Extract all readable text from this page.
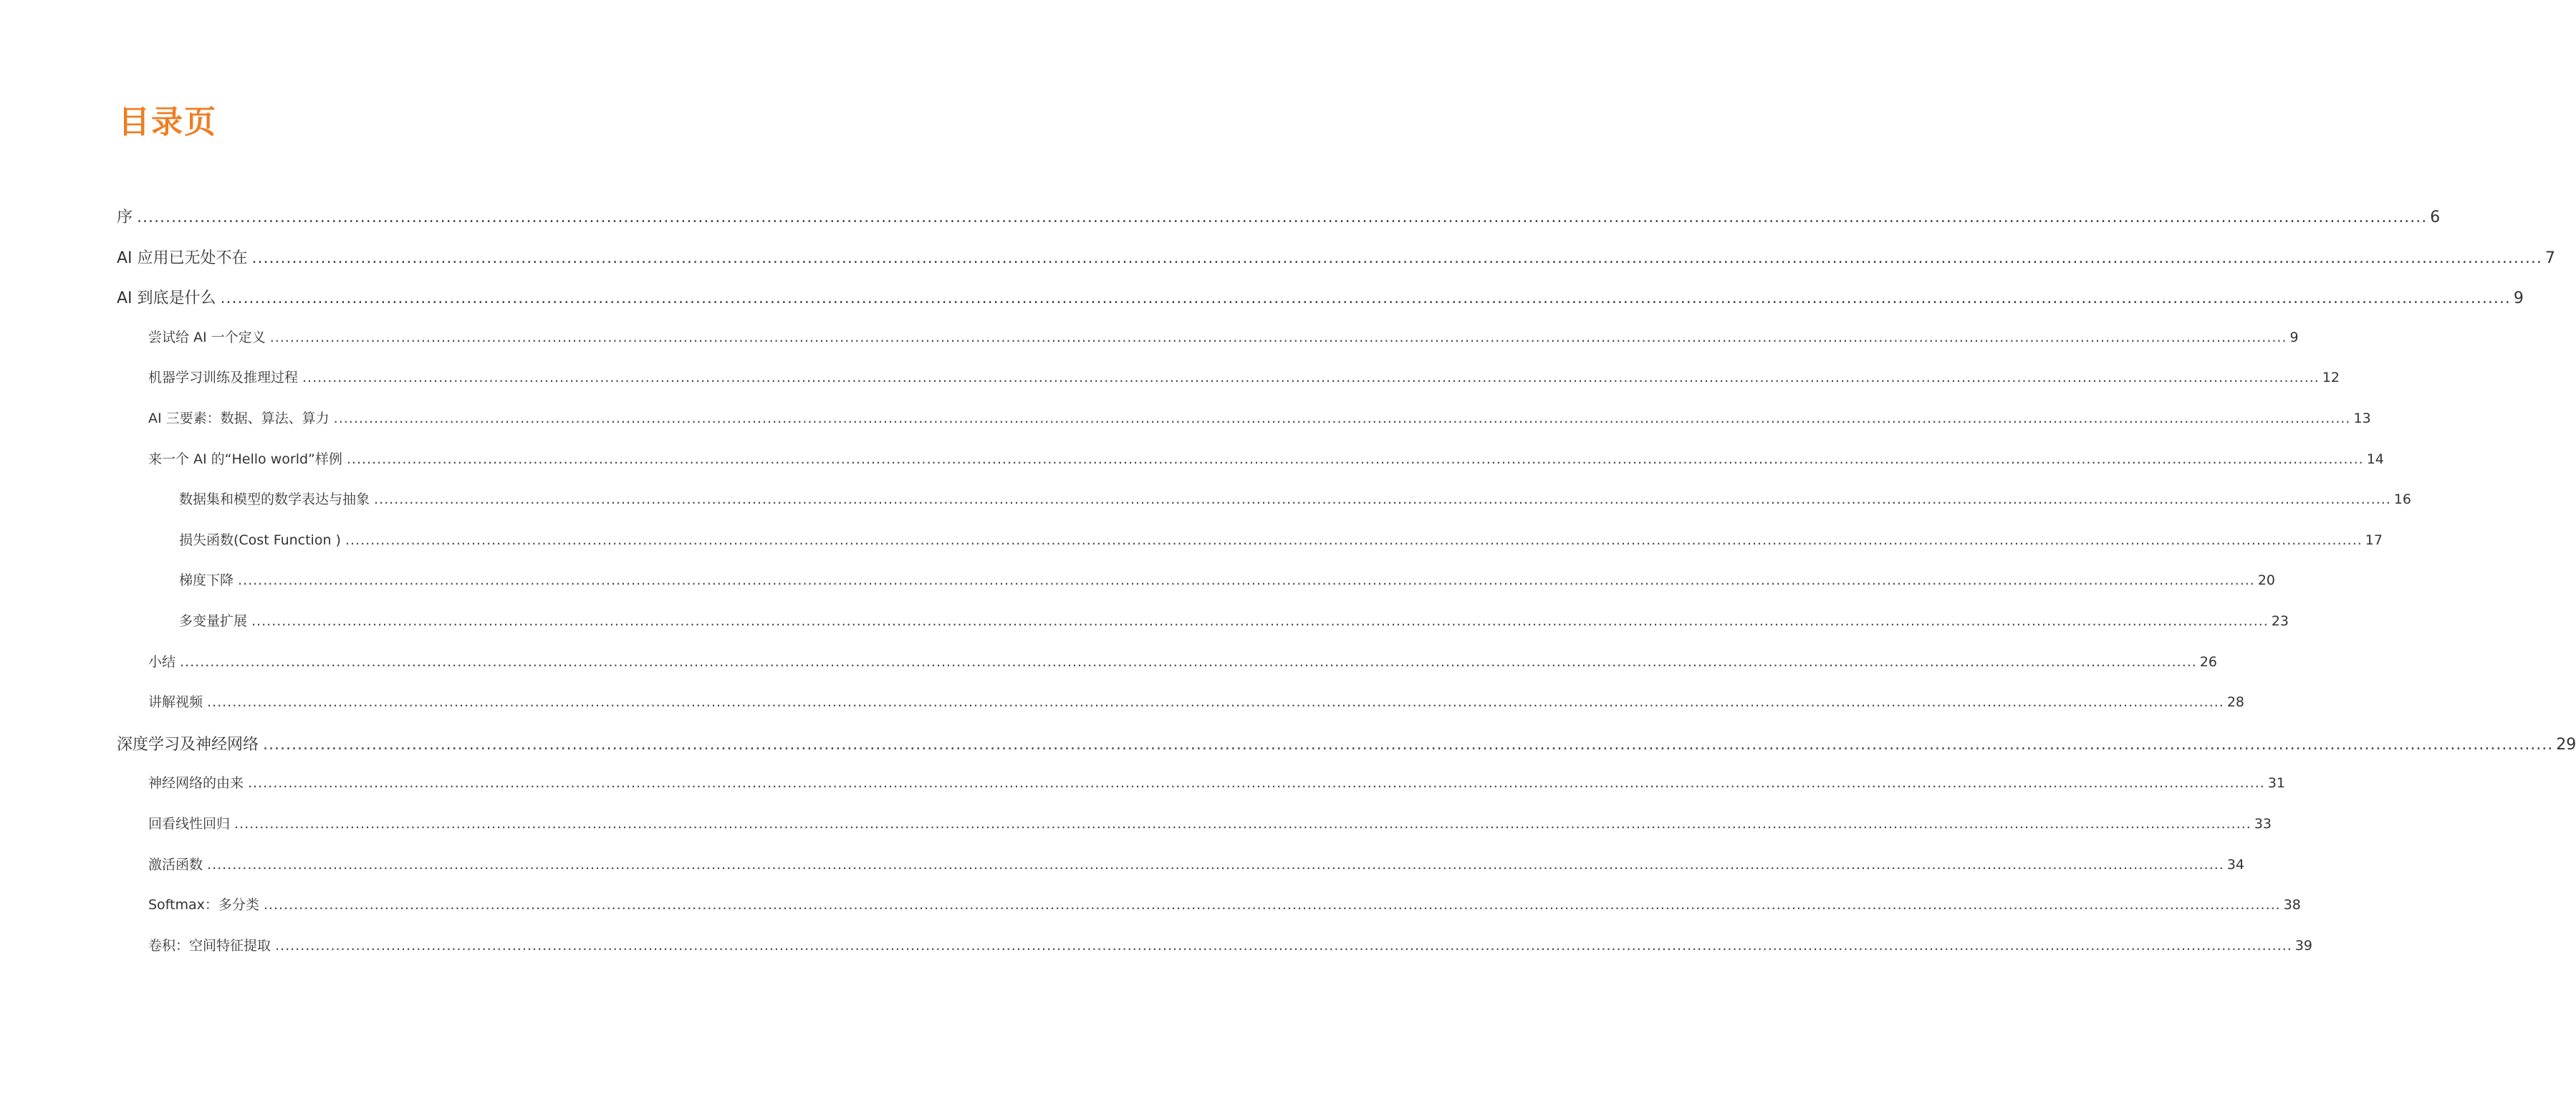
目录页
序 ................................................................................................................................................................................................................................................................................................................................................................................................................ 6
AI 应用已无处不在 ................................................................................................................................................................................................................................................................................................................................................................................................................ 7
AI 到底是什么 ................................................................................................................................................................................................................................................................................................................................................................................................................ 9
尝试给 AI 一个定义 ................................................................................................................................................................................................................................................................................................................................................................................................................ 9
机器学习训练及推理过程 ................................................................................................................................................................................................................................................................................................................................................................................................................ 12
AI 三要素：数据、算法、算力 ................................................................................................................................................................................................................................................................................................................................................................................................................ 13
来一个 AI 的“Hello world”样例 ................................................................................................................................................................................................................................................................................................................................................................................................................ 14
数据集和模型的数学表达与抽象 ................................................................................................................................................................................................................................................................................................................................................................................................................ 16
损失函数(Cost Function ) ................................................................................................................................................................................................................................................................................................................................................................................................................ 17
梯度下降 ................................................................................................................................................................................................................................................................................................................................................................................................................ 20
多变量扩展 ................................................................................................................................................................................................................................................................................................................................................................................................................ 23
小结 ................................................................................................................................................................................................................................................................................................................................................................................................................ 26
讲解视频 ................................................................................................................................................................................................................................................................................................................................................................................................................ 28
深度学习及神经网络 ................................................................................................................................................................................................................................................................................................................................................................................................................ 29
神经网络的由来 ................................................................................................................................................................................................................................................................................................................................................................................................................ 31
回看线性回归 ................................................................................................................................................................................................................................................................................................................................................................................................................ 33
激活函数 ................................................................................................................................................................................................................................................................................................................................................................................................................ 34
Softmax：多分类 ................................................................................................................................................................................................................................................................................................................................................................................................................ 38
卷积：空间特征提取 ................................................................................................................................................................................................................................................................................................................................................................................................................ 39
